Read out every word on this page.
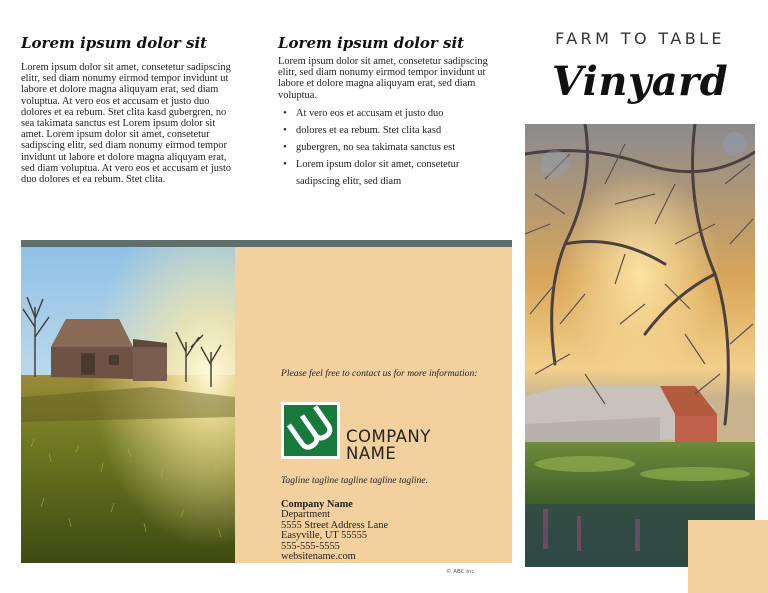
Lorem ipsum dolor sit

Lorem ipsum dolor sit amet, consetetur sadipscing elitr, sed diam nonumy eirmod tempor invidunt ut labore et dolore magna aliquyam erat, sed diam voluptua. At vero eos et accusam et justo duo dolores et ea rebum. Stet clita kasd gubergren, no sea takimata sanctus est Lorem ipsum dolor sit amet. Lorem ipsum dolor sit amet, consetetur sadipscing elitr, sed diam nonumy eirmod tempor invidunt ut labore et dolore magna aliquyam erat, sed diam voluptua. At vero eos et accusam et justo duo dolores et ea rebum. Stet clita.

Lorem ipsum dolor sit

Lorem ipsum dolor sit amet, consetetur sadipscing elitr, sed diam nonumy eirmod tempor invidunt ut labore et dolore magna aliquyam erat, sed diam voluptua.

• At vero eos et accusam et justo duo
• dolores et ea rebum. Stet clita kasd
• gubergren, no sea takimata sanctus est
• Lorem ipsum dolor sit amet, consetetur sadipscing elitr, sed diam
Please feel free to contact us for more information:
COMPANY
NAME
Tagline tagline tagline tagline tagline.
Company Name
Department
5555 Street Address Lane
Easyville, UT 55555
555-555-5555
websitename.com
© ABC Inc.
FARM TO TABLE
Vinyard
